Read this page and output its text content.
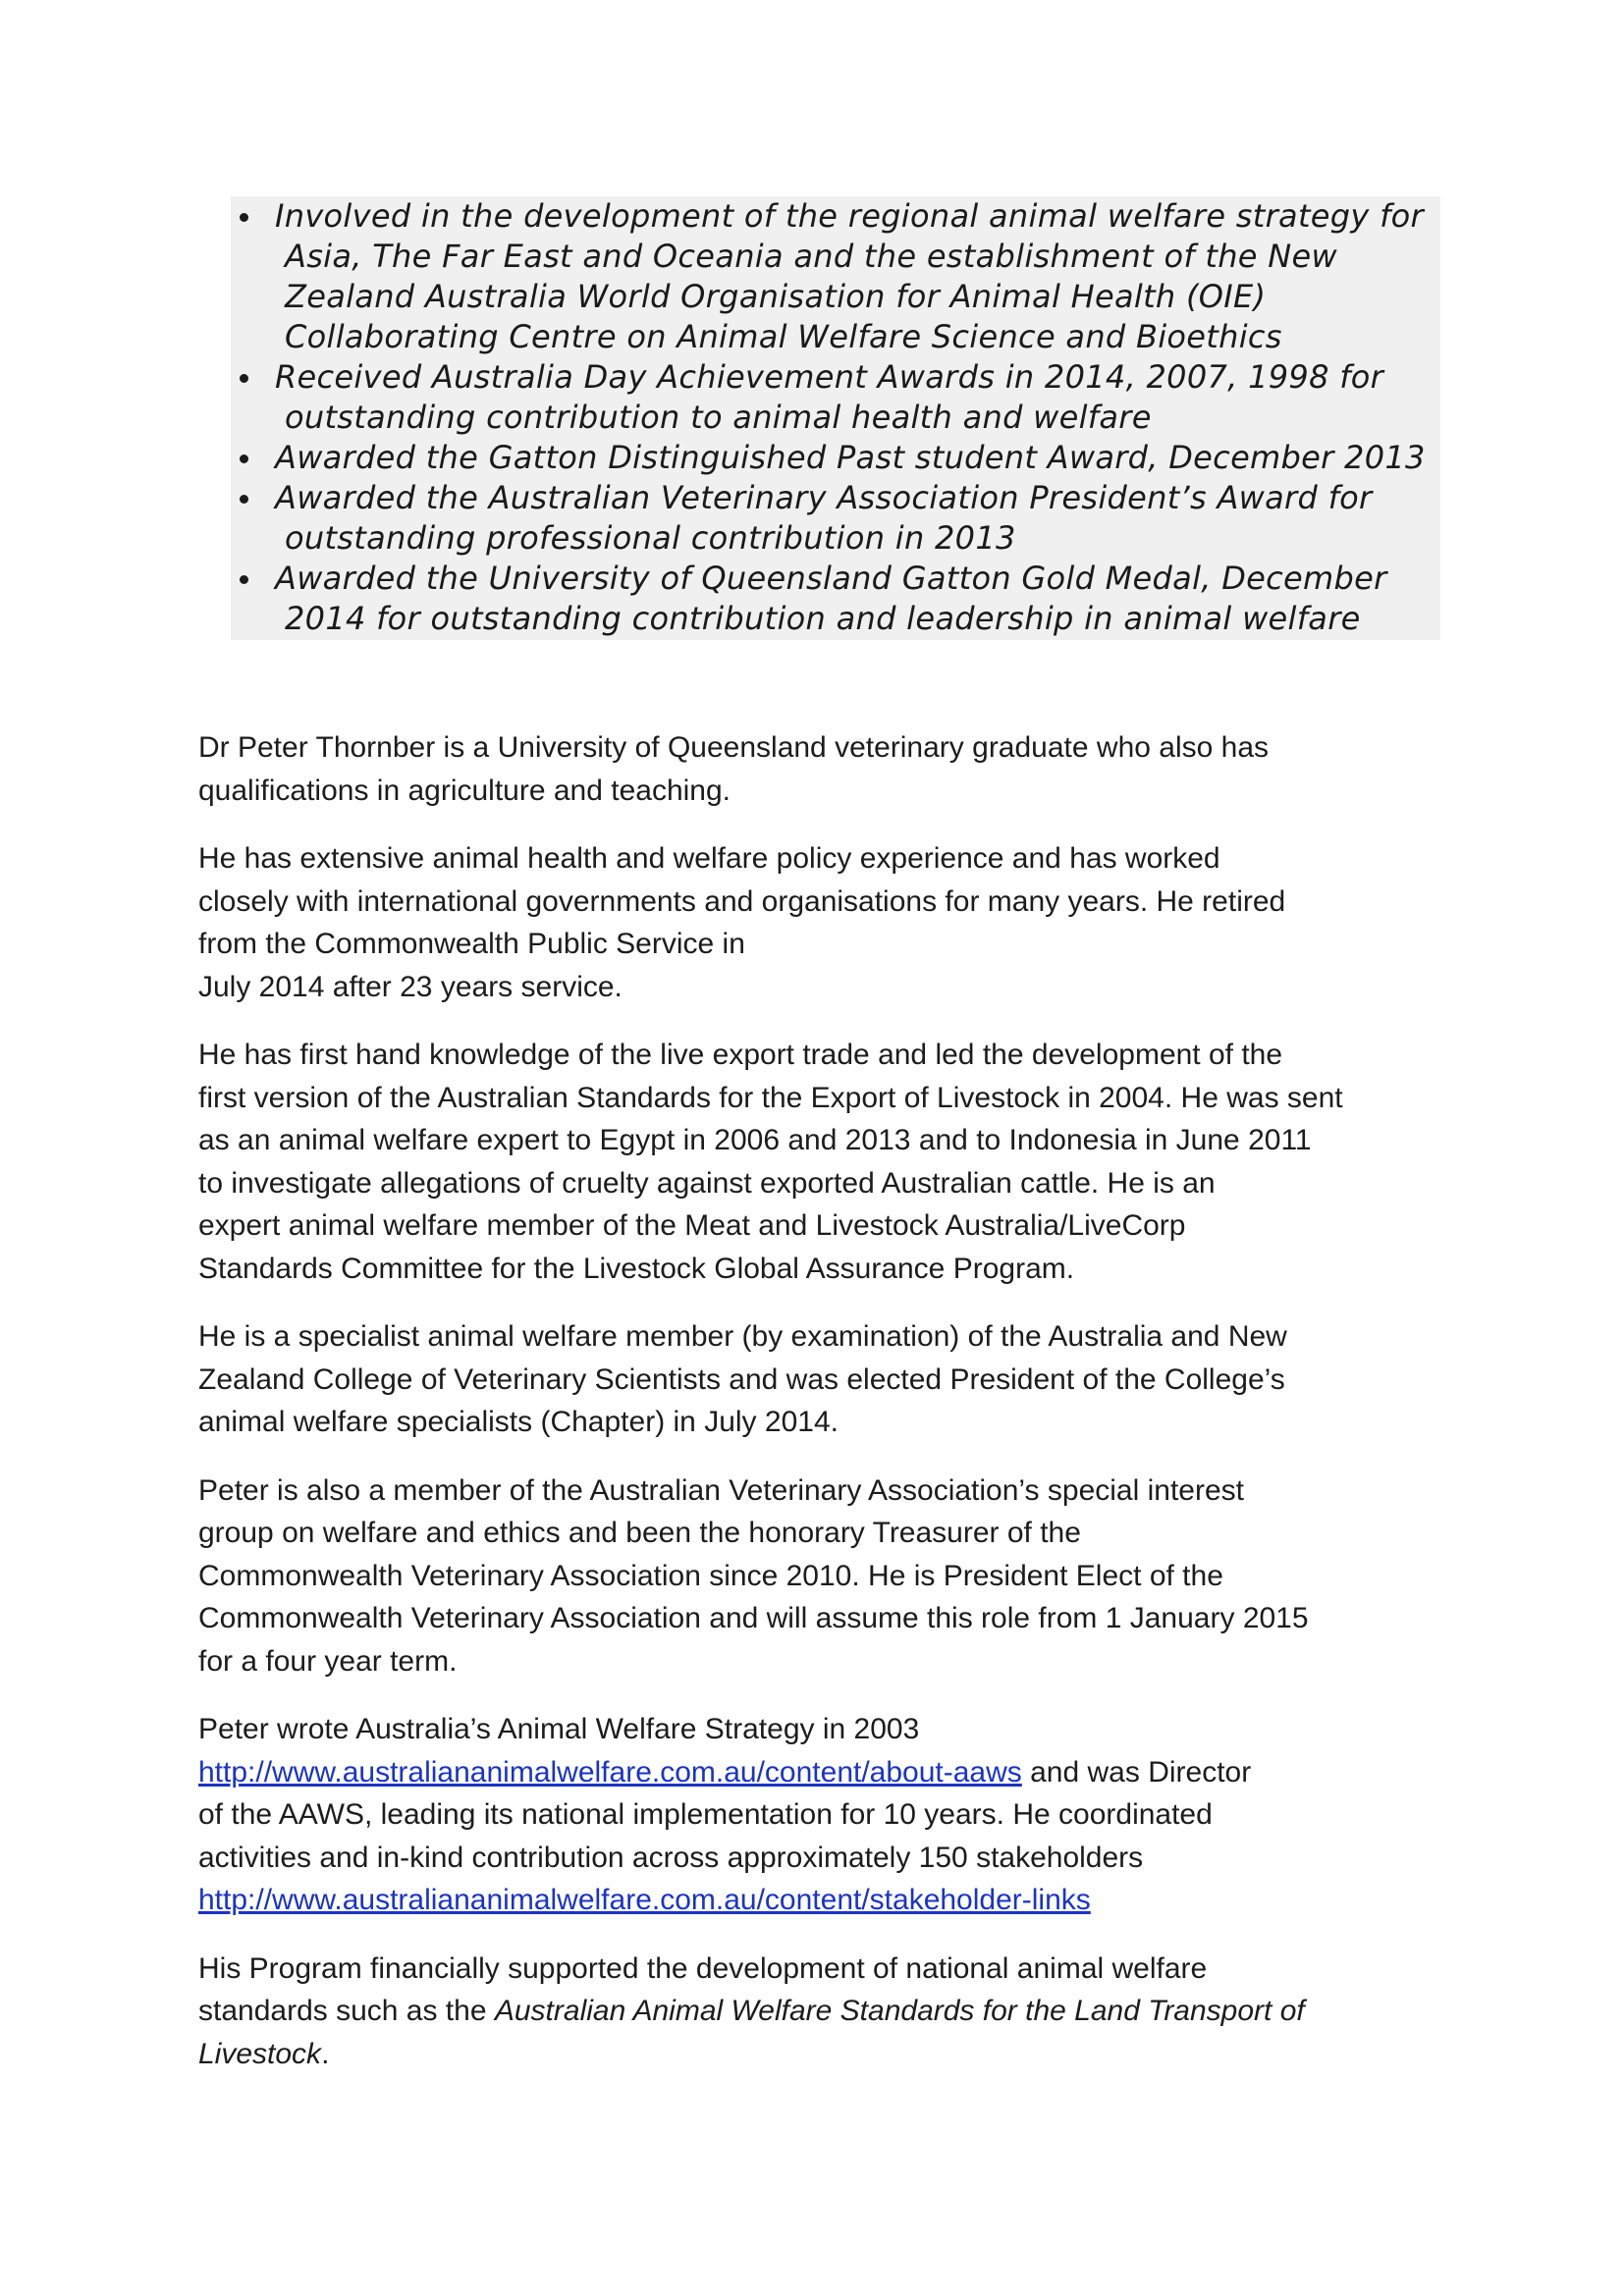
Involved in the development of the regional animal welfare strategy for
Asia, The Far East and Oceania and the establishment of the New
Zealand Australia World Organisation for Animal Health (OIE)
Collaborating Centre on Animal Welfare Science and Bioethics
Received Australia Day Achievement Awards in 2014, 2007, 1998 for
outstanding contribution to animal health and welfare
Awarded the Gatton Distinguished Past student Award, December 2013
Awarded the Australian Veterinary Association President’s Award for
outstanding professional contribution in 2013
Awarded the University of Queensland Gatton Gold Medal, December
2014 for outstanding contribution and leadership in animal welfare

Dr Peter Thornber is a University of Queensland veterinary graduate who also has
qualifications in agriculture and teaching.

He has extensive animal health and welfare policy experience and has worked
closely with international governments and organisations for many years. He retired
from the Commonwealth Public Service in
July 2014 after 23 years service.

He has first hand knowledge of the live export trade and led the development of the
first version of the Australian Standards for the Export of Livestock in 2004. He was sent
as an animal welfare expert to Egypt in 2006 and 2013 and to Indonesia in June 2011
to investigate allegations of cruelty against exported Australian cattle. He is an
expert animal welfare member of the Meat and Livestock Australia/LiveCorp
Standards Committee for the Livestock Global Assurance Program.

He is a specialist animal welfare member (by examination) of the Australia and New
Zealand College of Veterinary Scientists and was elected President of the College’s
animal welfare specialists (Chapter) in July 2014.

Peter is also a member of the Australian Veterinary Association’s special interest
group on welfare and ethics and been the honorary Treasurer of the
Commonwealth Veterinary Association since 2010. He is President Elect of the
Commonwealth Veterinary Association and will assume this role from 1 January 2015
for a four year term.

Peter wrote Australia’s Animal Welfare Strategy in 2003
http://www.australiananimalwelfare.com.au/content/about-aaws and was Director
of the AAWS, leading its national implementation for 10 years. He coordinated
activities and in-kind contribution across approximately 150 stakeholders
http://www.australiananimalwelfare.com.au/content/stakeholder-links

His Program financially supported the development of national animal welfare
standards such as the Australian Animal Welfare Standards for the Land Transport of
Livestock.
